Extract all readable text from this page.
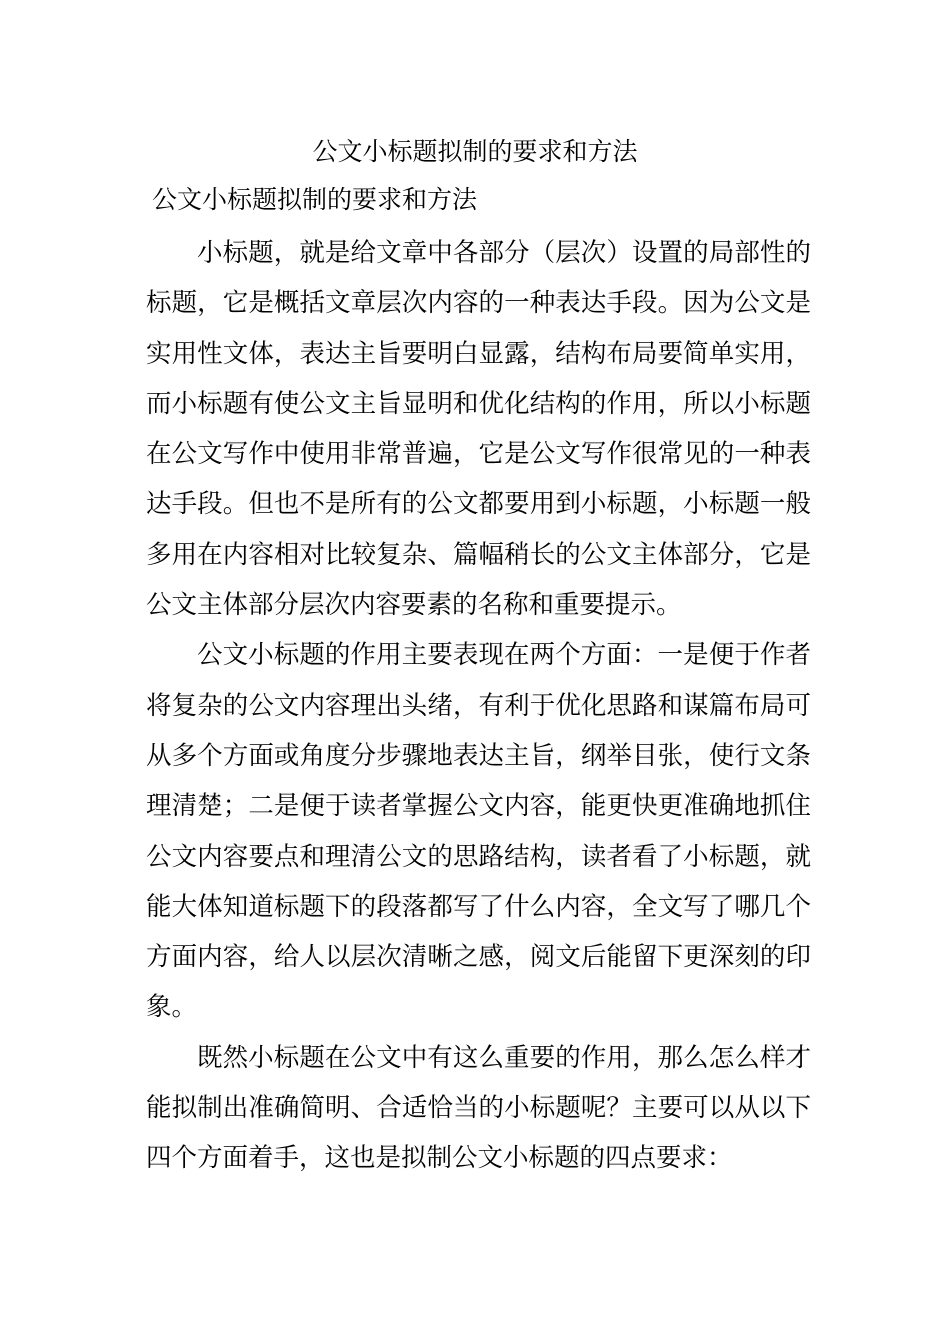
公文小标题拟制的要求和方法
公文小标题拟制的要求和方法

小标题，就是给文章中各部分（层次）设置的局部性的标题，它是概括文章层次内容的一种表达手段。因为公文是实用性文体，表达主旨要明白显露，结构布局要简单实用，而小标题有使公文主旨显明和优化结构的作用，所以小标题在公文写作中使用非常普遍，它是公文写作很常见的一种表达手段。但也不是所有的公文都要用到小标题，小标题一般多用在内容相对比较复杂、篇幅稍长的公文主体部分，它是公文主体部分层次内容要素的名称和重要提示。

公文小标题的作用主要表现在两个方面：一是便于作者将复杂的公文内容理出头绪，有利于优化思路和谋篇布局可从多个方面或角度分步骤地表达主旨，纲举目张，使行文条理清楚；二是便于读者掌握公文内容，能更快更准确地抓住公文内容要点和理清公文的思路结构，读者看了小标题，就能大体知道标题下的段落都写了什么内容，全文写了哪几个方面内容，给人以层次清晰之感，阅文后能留下更深刻的印象。

既然小标题在公文中有这么重要的作用，那么怎么样才能拟制出准确简明、合适恰当的小标题呢？主要可以从以下四个方面着手，这也是拟制公文小标题的四点要求：
